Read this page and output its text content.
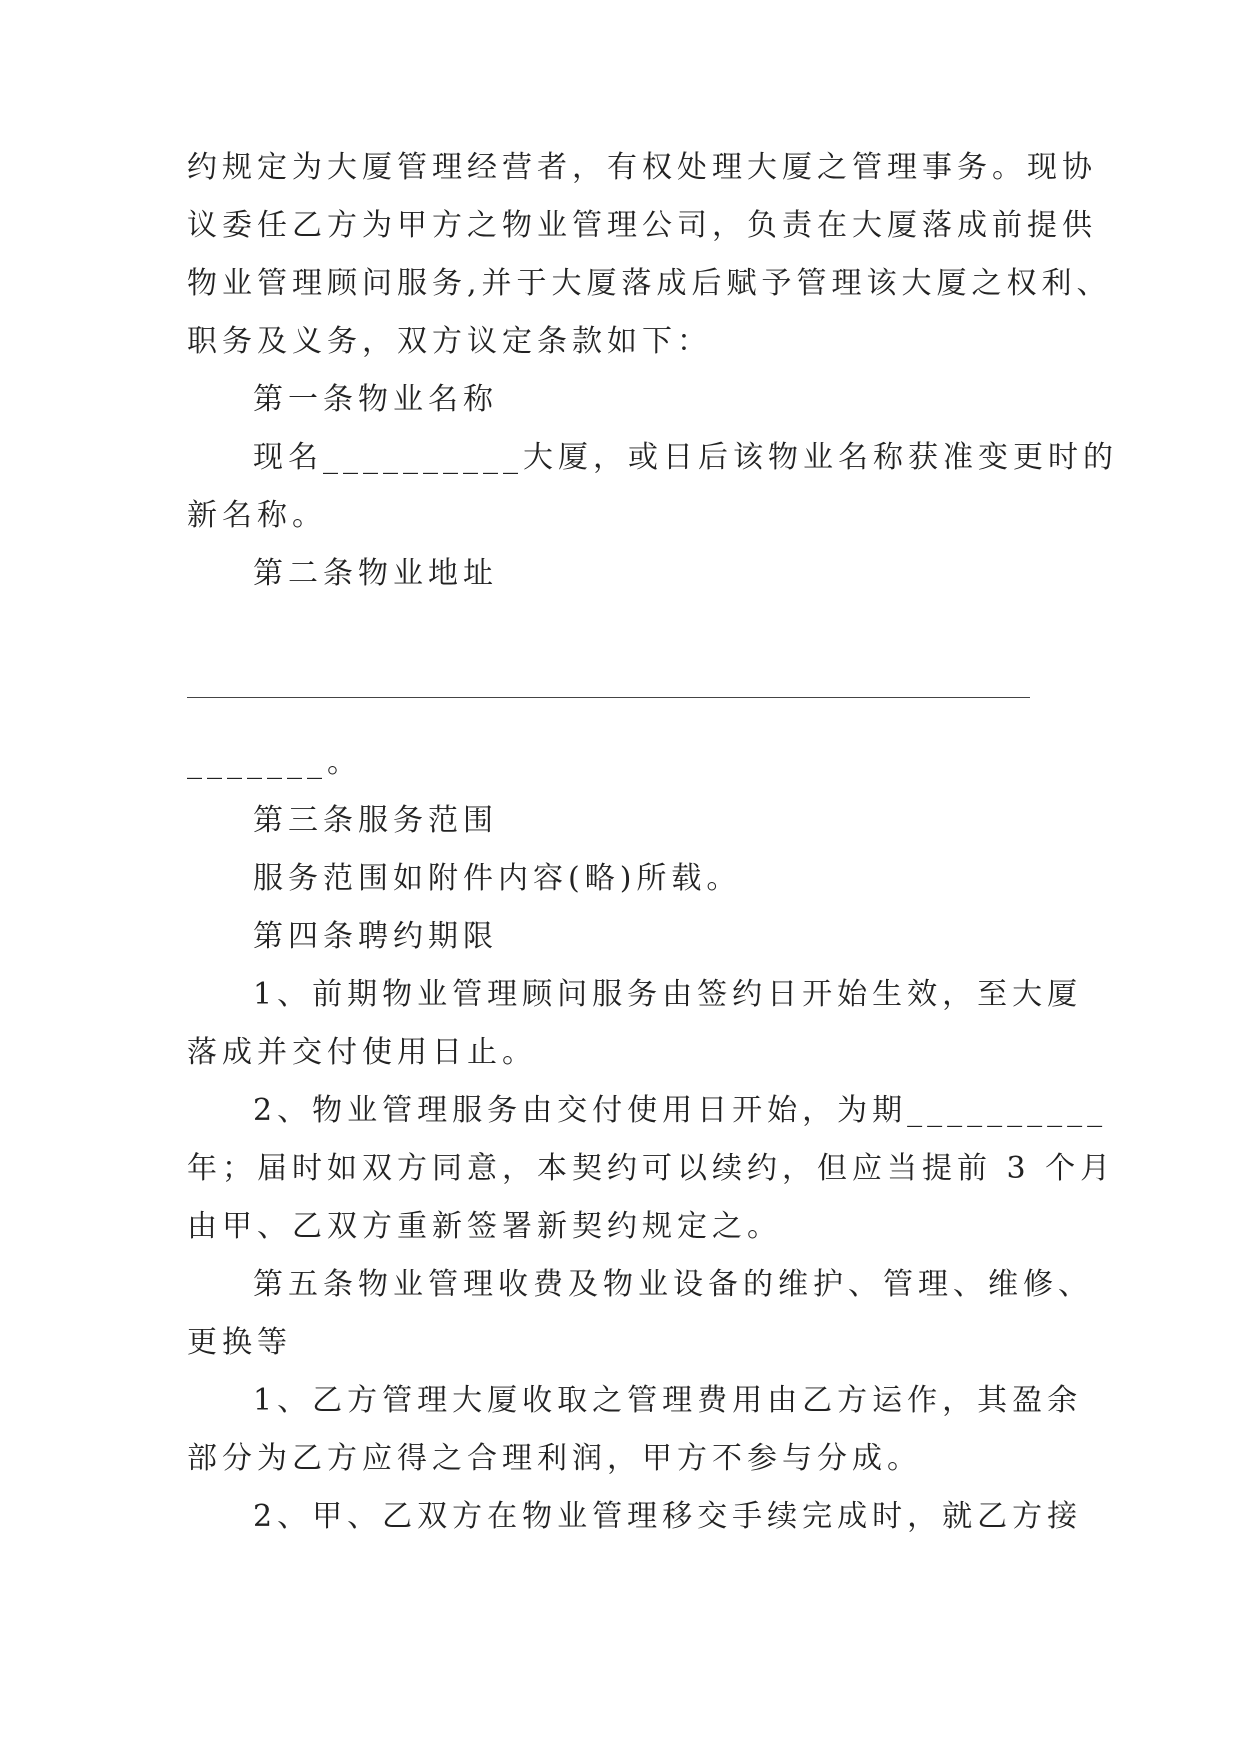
约规定为大厦管理经营者，有权处理大厦之管理事务。现协
议委任乙方为甲方之物业管理公司，负责在大厦落成前提供
物业管理顾问服务,并于大厦落成后赋予管理该大厦之权利、
职务及义务，双方议定条款如下：
第一条物业名称
现名__________大厦，或日后该物业名称获准变更时的
新名称。
第二条物业地址
_______。
第三条服务范围
服务范围如附件内容(略)所载。
第四条聘约期限
1、前期物业管理顾问服务由签约日开始生效，至大厦
落成并交付使用日止。
2、物业管理服务由交付使用日开始，为期__________
年；届时如双方同意，本契约可以续约，但应当提前 3 个月
由甲、乙双方重新签署新契约规定之。
第五条物业管理收费及物业设备的维护、管理、维修、
更换等
1、乙方管理大厦收取之管理费用由乙方运作，其盈余
部分为乙方应得之合理利润，甲方不参与分成。
2、甲、乙双方在物业管理移交手续完成时，就乙方接
